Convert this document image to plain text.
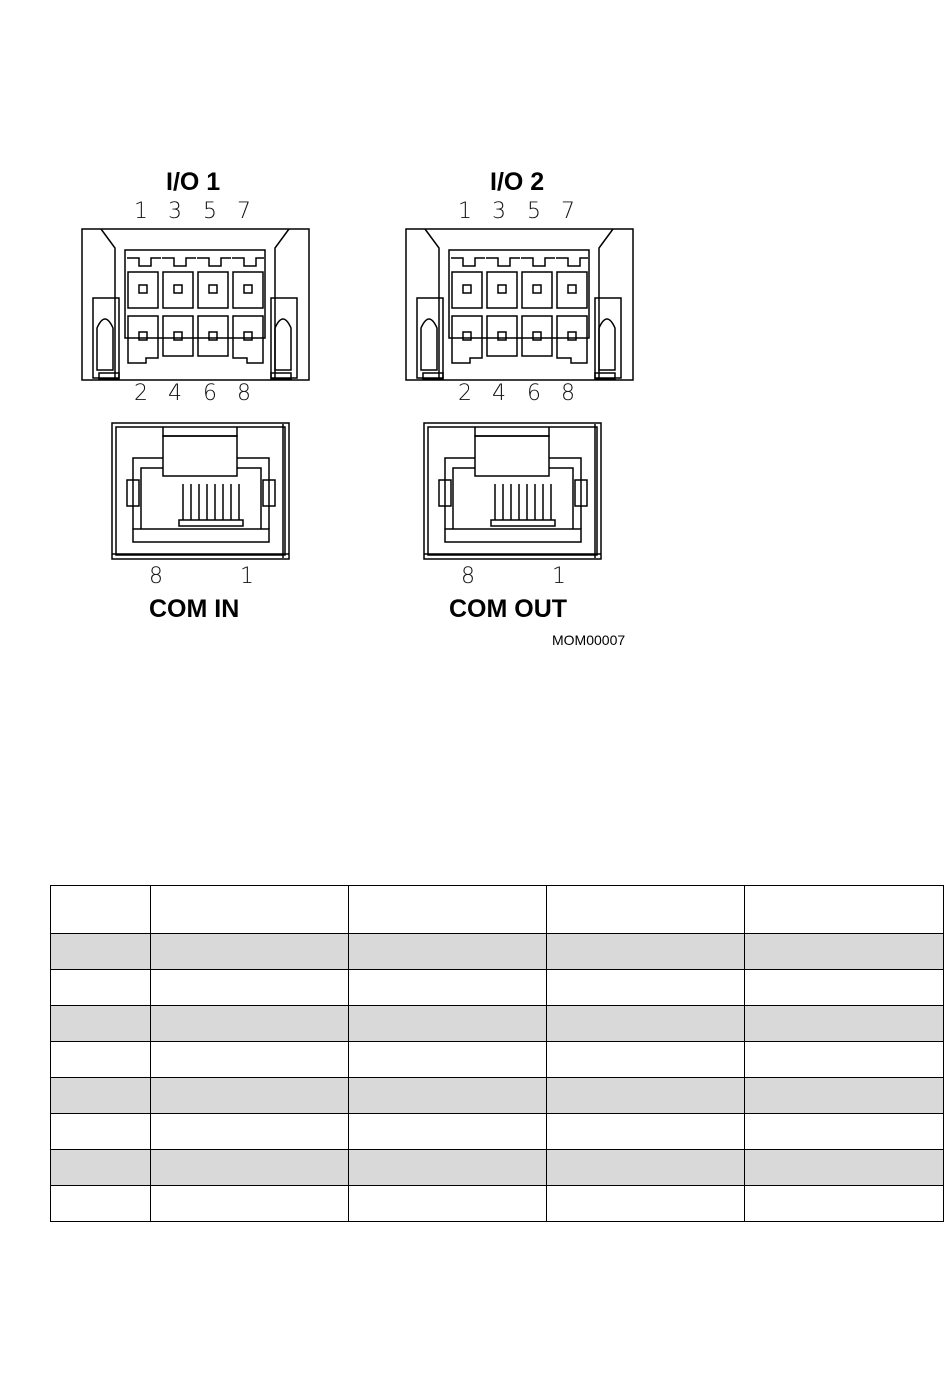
I/O 1
1 3 5 7
2 4 6 8
I/O 2
1 3 5 7
2 4 6 8
8	1
COM IN
8	1
COM OUT
MOM00007
